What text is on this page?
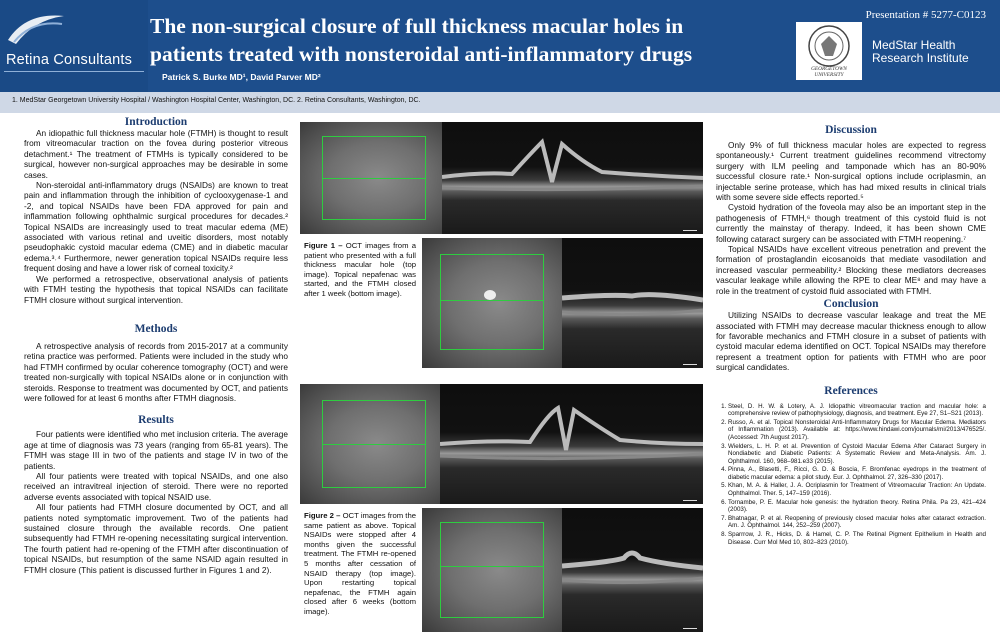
Retina Consultants
The non-surgical closure of full thickness macular holes in
patients treated with nonsteroidal anti-inflammatory drugs
Patrick S. Burke MD¹, David Parver MD²
Presentation # 5277-C0123
GEORGETOWN UNIVERSITY
MedStar Health
Research Institute
1. MedStar Georgetown University Hospital / Washington Hospital Center, Washington, DC. 2. Retina Consultants, Washington, DC.
Introduction

An idiopathic full thickness macular hole (FTMH) is thought to result from vitreomacular traction on the fovea during posterior vitreous detachment.¹ The treatment of FTMHs is typically considered to be surgical, however non-surgical approaches may be desirable in some cases.

Non-steroidal anti-inflammatory drugs (NSAIDs) are known to treat pain and inflammation through the inhibition of cyclooxygenase-1 and -2, and topical NSAIDs have been FDA approved for pain and inflammation following ophthalmic surgical procedures for decades.² Topical NSAIDs are increasingly used to treat macular edema (ME) associated with various retinal and uveitic disorders, most notably pseudophakic cystoid macular edema (CME) and in diabetic macular edema.³˒⁴ Furthermore, newer generation topical NSAIDs require less frequent dosing and have a lower risk of corneal toxicity.²

We performed a retrospective, observational analysis of patients with FTMH testing the hypothesis that topical NSAIDs can facilitate FTMH closure without surgical intervention.

Methods

A retrospective analysis of records from 2015-2017 at a community retina practice was performed. Patients were included in the study who had FTMH confirmed by ocular coherence tomography (OCT) and were treated non-surgically with topical NSAIDs alone or in conjunction with steroids. Response to treatment was documented by OCT, and patients were followed for at least 6 months after FTMH diagnosis.

Results

Four patients were identified who met inclusion criteria. The average age at time of diagnosis was 73 years (ranging from 65-81 years). The FTMH was stage III in two of the patients and stage IV in two of the patients.

All four patients were treated with topical NSAIDs, and one also received an intravitreal injection of steroid. There were no reported adverse events associated with topical NSAID use.

All four patients had FTMH closure documented by OCT, and all patients noted symptomatic improvement. Two of the patients had sustained closure through the available records. One patient subsequently had FTMH re-opening necessitating surgical intervention. The fourth patient had re-opening of the FTMH after discontinuation of topical NSAIDs, but resumption of the same NSAID again resulted in FTMH closure (This patient is discussed further in Figures 1 and 2).

Figure 1 – OCT images from a patient who presented with a full thickness macular hole (top image). Topical nepafenac was started, and the FTMH closed after 1 week (bottom image).
Figure 2 – OCT images from the same patient as above. Topical NSAIDs were stopped after 4 months given the successful treatment. The FTMH re-opened 5 months after cessation of NSAID therapy (top image). Upon restarting topical nepafenac, the FTMH again closed after 6 weeks (bottom image).
Discussion

Only 9% of full thickness macular holes are expected to regress spontaneously.¹ Current treatment guidelines recommend vitrectomy surgery with ILM peeling and tamponade which has an 80-90% successful closure rate.¹ Non-surgical options include ocriplasmin, an injectable serine protease, which has had mixed results in clinical trials with some severe side effects reported.⁵

Cystoid hydration of the foveola may also be an important step in the pathogenesis of FTMH,⁶ though treatment of this cystoid fluid is not currently the mainstay of therapy. Indeed, it has been shown CME following cataract surgery can be associated with FTMH reopening.⁷

Topical NSAIDs have excellent vitreous penetration and prevent the formation of prostaglandin eicosanoids that mediate vasodilation and increased vascular permeability.² Blocking these mediators decreases vascular leakage while allowing the RPE to clear ME⁸ and may have a role in the treatment of cystoid fluid associated with FTMH.

Conclusion

Utilizing NSAIDs to decrease vascular leakage and treat the ME associated with FTMH may decrease macular thickness enough to allow for favorable mechanics and FTMH closure in a subset of patients with cystoid macular edema identified on OCT. Topical NSAIDs may therefore represent a treatment option for patients with FTMH who are poor surgical candidates.

References
1. Steel, D. H. W. & Lotery, A. J. Idiopathic vitreomacular traction and macular hole: a comprehensive review of pathophysiology, diagnosis, and treatment. Eye 27, S1–S21 (2013).
2. Russo, A. et al. Topical Nonsteroidal Anti-Inflammatory Drugs for Macular Edema. Mediators of Inflammation (2013). Available at: https://www.hindawi.com/journals/mi/2013/476525/. (Accessed: 7th August 2017).
3. Wielders, L. H. P. et al. Prevention of Cystoid Macular Edema After Cataract Surgery in Nondiabetic and Diabetic Patients: A Systematic Review and Meta-Analysis. Am. J. Ophthalmol. 160, 968–981.e33 (2015).
4. Pinna, A., Blasetti, F., Ricci, G. D. & Boscia, F. Bromfenac eyedrops in the treatment of diabetic macular edema: a pilot study. Eur. J. Ophthalmol. 27, 326–330 (2017).
5. Khan, M. A. & Haller, J. A. Ocriplasmin for Treatment of Vitreomacular Traction: An Update. Ophthalmol. Ther. 5, 147–159 (2016).
6. Tornambe, P. E. Macular hole genesis: the hydration theory. Retina Phila. Pa 23, 421–424 (2003).
7. Bhatnagar, P. et al. Reopening of previously closed macular holes after cataract extraction. Am. J. Ophthalmol. 144, 252–259 (2007).
8. Sparrrow, J. R., Hicks, D. & Hamel, C. P. The Retinal Pigment Epithelium in Health and Disease. Curr Mol Med 10, 802–823 (2010).
